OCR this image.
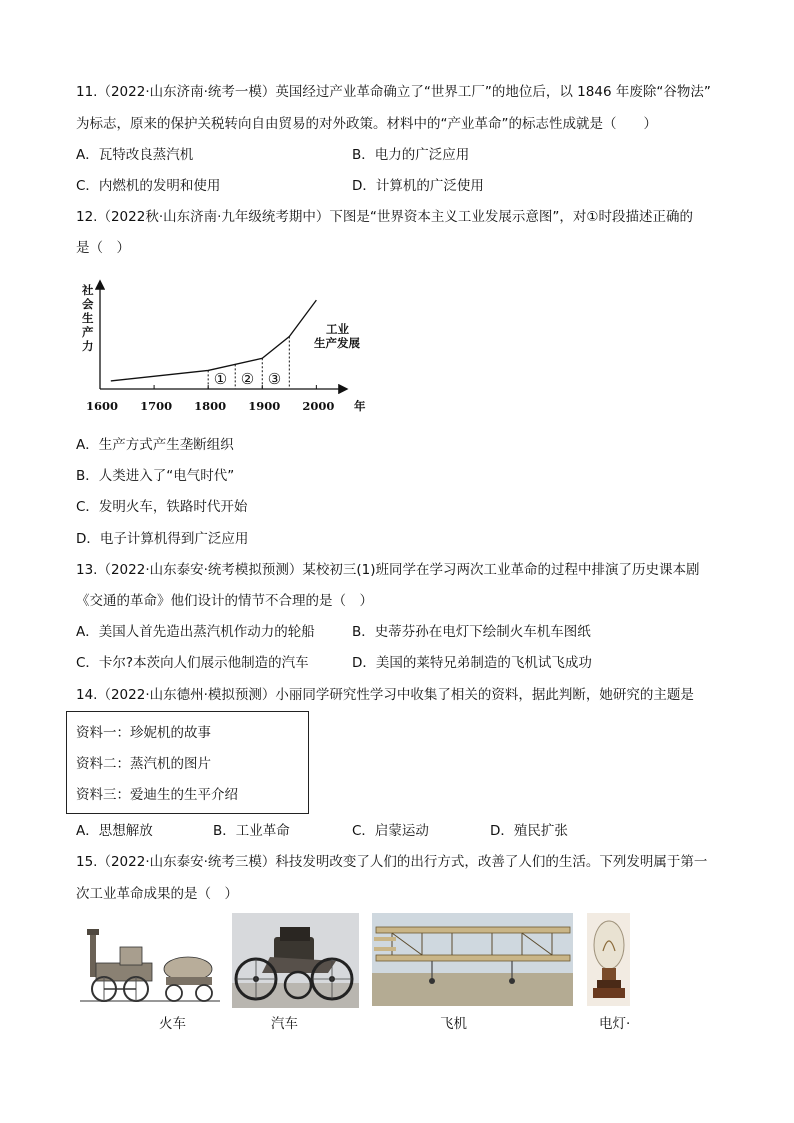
11.（2022·山东济南·统考一模）英国经过产业革命确立了“世界工厂”的地位后，以 1846 年废除“谷物法”
为标志，原来的保护关税转向自由贸易的对外政策。材料中的“产业革命”的标志性成就是（　　）
A．瓦特改良蒸汽机	B．电力的广泛应用
C．内燃机的发明和使用	D．计算机的广泛使用
12.（2022秋·山东济南·九年级统考期中）下图是“世界资本主义工业发展示意图”，对①时段描述正确的
是（　）
社会生产力
1600 1700 1800 1900 2000 年
① ② ③
工业
生产发展
A．生产方式产生垄断组织
B．人类进入了“电气时代”
C．发明火车，铁路时代开始
D．电子计算机得到广泛应用
13.（2022·山东泰安·统考模拟预测）某校初三(1)班同学在学习两次工业革命的过程中排演了历史课本剧
《交通的革命》他们设计的情节不合理的是（　）
A．美国人首先造出蒸汽机作动力的轮船	B．史蒂芬孙在电灯下绘制火车机车图纸
C．卡尔?本茨向人们展示他制造的汽车	D．美国的莱特兄弟制造的飞机试飞成功
14.（2022·山东德州·模拟预测）小丽同学研究性学习中收集了相关的资料，据此判断，她研究的主题是
资料一：珍妮机的故事
资料二：蒸汽机的图片
资料三：爱迪生的生平介绍
A．思想解放	B．工业革命	C．启蒙运动	D．殖民扩张
15.（2022·山东泰安·统考三模）科技发明改变了人们的出行方式，改善了人们的生活。下列发明属于第一
次工业革命成果的是（　）
火车	汽车	飞机	电灯·
